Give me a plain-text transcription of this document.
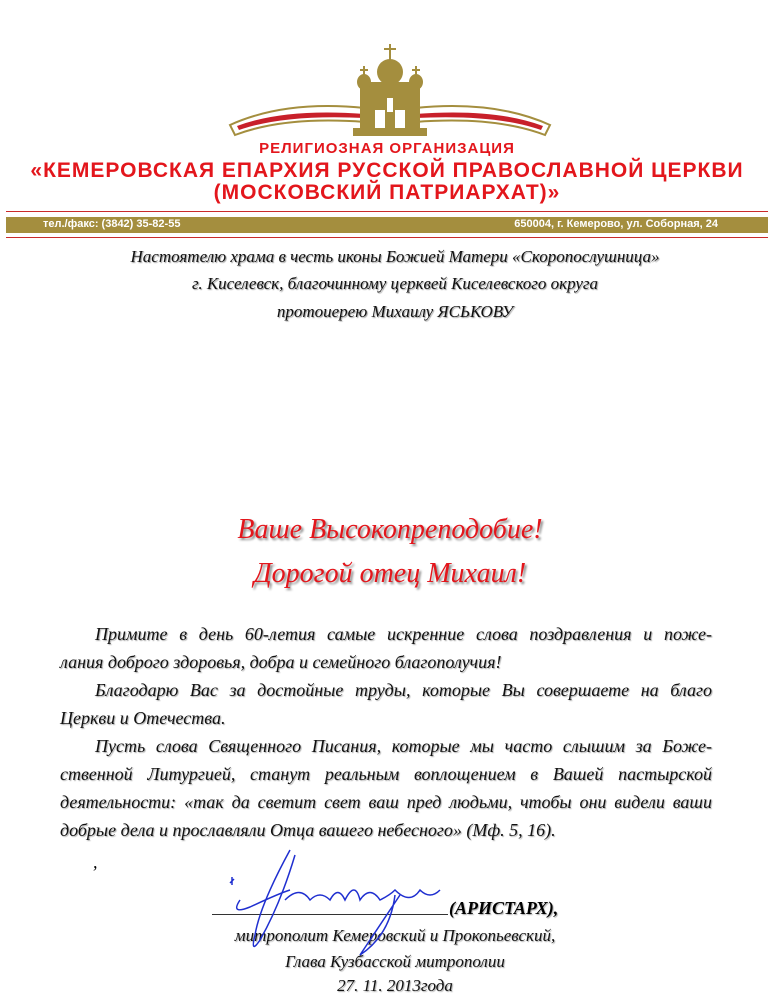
РЕЛИГИОЗНАЯ ОРГАНИЗАЦИЯ
«КЕМЕРОВСКАЯ ЕПАРХИЯ РУССКОЙ ПРАВОСЛАВНОЙ ЦЕРКВИ
(МОСКОВСКИЙ ПАТРИАРХАТ)»
тел./факс: (3842) 35-82-55	650004, г. Кемерово, ул. Соборная, 24
Настоятелю храма в честь иконы Божией Матери «Скоропослушница»
г. Киселевск, благочинному церквей Киселевского округа
протоиерею Михаилу ЯСЬКОВУ
Ваше Высокопреподобие!
Дорогой отец Михаил!
Примите в день 60-летия самые искренние слова поздравления и поже-
лания доброго здоровья, добра и семейного благополучия!
Благодарю Вас за достойные труды, которые Вы совершаете на благо
Церкви и Отечества.
Пусть слова Священного Писания, которые мы часто слышим за Боже-
ственной Литургией, станут реальным воплощением в Вашей пастырской
деятельности: «так да светит свет ваш пред людьми, чтобы они видели ваши
добрые дела и прославляли Отца вашего небесного» (Мф. 5, 16).
,
(АРИСТАРХ),
митрополит Кемеровский и Прокопьевский,
Глава Кузбасской митрополии
27. 11. 2013года
